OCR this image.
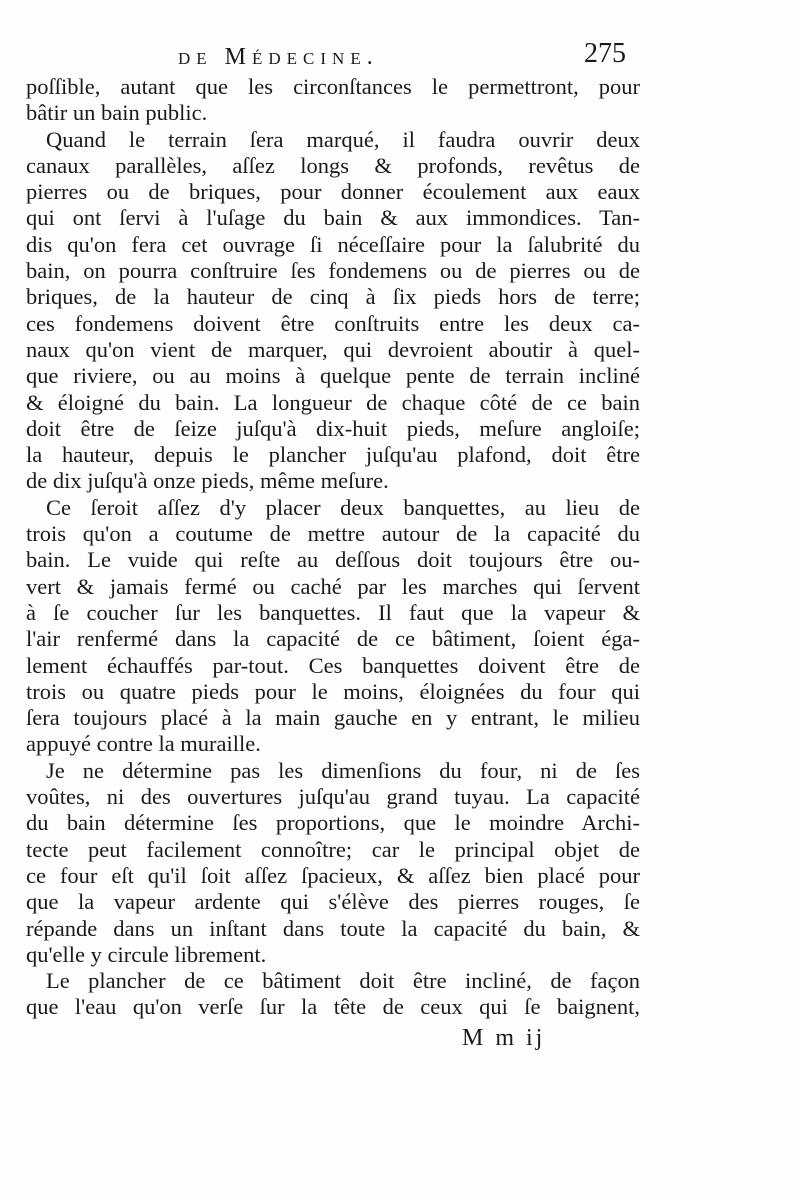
de Médecine.	275
poſſible, autant que les circonſtances le permettront, pour
bâtir un bain public.
Quand le terrain ſera marqué, il faudra ouvrir deux
canaux parallèles, aſſez longs & profonds, revêtus de
pierres ou de briques, pour donner écoulement aux eaux
qui ont ſervi à l'uſage du bain & aux immondices. Tan-
dis qu'on fera cet ouvrage ſi néceſſaire pour la ſalubrité du
bain, on pourra conſtruire ſes fondemens ou de pierres ou de
briques, de la hauteur de cinq à ſix pieds hors de terre;
ces fondemens doivent être conſtruits entre les deux ca-
naux qu'on vient de marquer, qui devroient aboutir à quel-
que riviere, ou au moins à quelque pente de terrain incliné
& éloigné du bain. La longueur de chaque côté de ce bain
doit être de ſeize juſqu'à dix-huit pieds, meſure angloiſe;
la hauteur, depuis le plancher juſqu'au plafond, doit être
de dix juſqu'à onze pieds, même meſure.
Ce ſeroit aſſez d'y placer deux banquettes, au lieu de
trois qu'on a coutume de mettre autour de la capacité du
bain. Le vuide qui reſte au deſſous doit toujours être ou-
vert & jamais fermé ou caché par les marches qui ſervent
à ſe coucher ſur les banquettes. Il faut que la vapeur &
l'air renfermé dans la capacité de ce bâtiment, ſoient éga-
lement échauffés par-tout. Ces banquettes doivent être de
trois ou quatre pieds pour le moins, éloignées du four qui
ſera toujours placé à la main gauche en y entrant, le milieu
appuyé contre la muraille.
Je ne détermine pas les dimenſions du four, ni de ſes
voûtes, ni des ouvertures juſqu'au grand tuyau. La capacité
du bain détermine ſes proportions, que le moindre Archi-
tecte peut facilement connoître; car le principal objet de
ce four eſt qu'il ſoit aſſez ſpacieux, & aſſez bien placé pour
que la vapeur ardente qui s'élève des pierres rouges, ſe
répande dans un inſtant dans toute la capacité du bain, &
qu'elle y circule librement.
Le plancher de ce bâtiment doit être incliné, de façon
que l'eau qu'on verſe ſur la tête de ceux qui ſe baignent,
M m ij
